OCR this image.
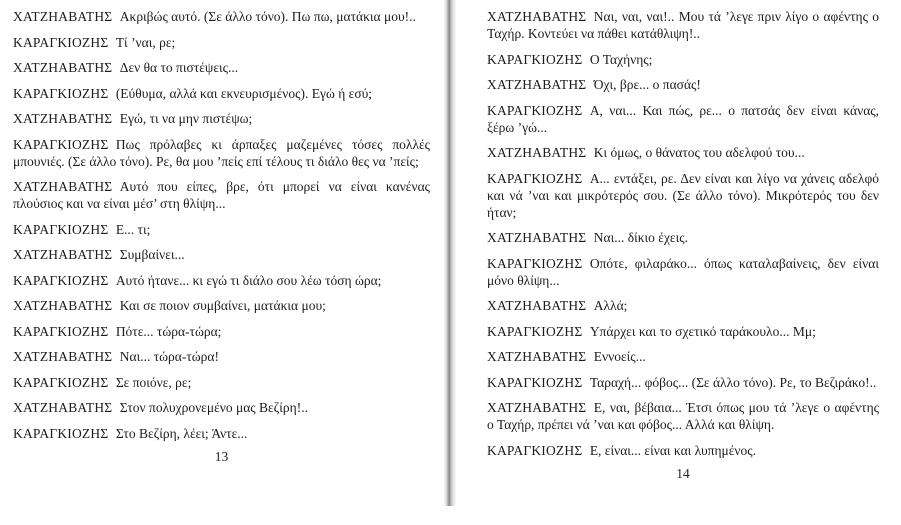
ΧΑΤΖΗΑΒΑΤΗΣ Ακριβώς αυτό. (Σε άλλο τόνο). Πω πω, ματάκια μου!..

ΚΑΡΑΓΚΙΟΖΗΣ Τί ’ναι, ρε;

ΧΑΤΖΗΑΒΑΤΗΣ Δεν θα το πιστέψεις...

ΚΑΡΑΓΚΙΟΖΗΣ (Εύθυμα, αλλά και εκνευρισμένος). Εγώ ή εσύ;

ΧΑΤΖΗΑΒΑΤΗΣ Εγώ, τι να μην πιστέψω;

ΚΑΡΑΓΚΙΟΖΗΣ Πως πρόλαβες κι άρπαξες μαζεμένες τόσες πολλές μπουνιές. (Σε άλλο τόνο). Ρε, θα μου ’πείς επί τέλους τι διάλο θες να ’πείς;

ΧΑΤΖΗΑΒΑΤΗΣ Αυτό που είπες, βρε, ότι μπορεί να είναι κανένας πλούσιος και να είναι μέσ’ στη θλίψη...

ΚΑΡΑΓΚΙΟΖΗΣ Ε... τι;

ΧΑΤΖΗΑΒΑΤΗΣ Συμβαίνει...

ΚΑΡΑΓΚΙΟΖΗΣ Αυτό ήτανε... κι εγώ τι διάλο σου λέω τόση ώρα;

ΧΑΤΖΗΑΒΑΤΗΣ Και σε ποιον συμβαίνει, ματάκια μου;

ΚΑΡΑΓΚΙΟΖΗΣ Πότε... τώρα-τώρα;

ΧΑΤΖΗΑΒΑΤΗΣ Ναι... τώρα-τώρα!

ΚΑΡΑΓΚΙΟΖΗΣ Σε ποιόνε, ρε;

ΧΑΤΖΗΑΒΑΤΗΣ Στον πολυχρονεμένο μας Βεζίρη!..

ΚΑΡΑΓΚΙΟΖΗΣ Στο Βεζίρη, λέει; Άντε...

13

ΧΑΤΖΗΑΒΑΤΗΣ Ναι, ναι, ναι!.. Μου τά ’λεγε πριν λίγο ο αφέντης ο Ταχήρ. Κοντεύει να πάθει κατάθλιψη!..

ΚΑΡΑΓΚΙΟΖΗΣ Ο Ταχήνης;

ΧΑΤΖΗΑΒΑΤΗΣ Όχι, βρε... ο πασάς!

ΚΑΡΑΓΚΙΟΖΗΣ Α, ναι... Και πώς, ρε... ο πατσάς δεν είναι κάνας, ξέρω ’γώ...

ΧΑΤΖΗΑΒΑΤΗΣ Κι όμως, ο θάνατος του αδελφού του...

ΚΑΡΑΓΚΙΟΖΗΣ Α... εντάξει, ρε. Δεν είναι και λίγο να χάνεις αδελφό και νά ’ναι και μικρότερός σου. (Σε άλλο τόνο). Μικρότερός του δεν ήταν;

ΧΑΤΖΗΑΒΑΤΗΣ Ναι... δίκιο έχεις.

ΚΑΡΑΓΚΙΟΖΗΣ Οπότε, φιλαράκο... όπως καταλαβαίνεις, δεν είναι μόνο θλίψη...

ΧΑΤΖΗΑΒΑΤΗΣ Αλλά;

ΚΑΡΑΓΚΙΟΖΗΣ Υπάρχει και το σχετικό ταράκουλο... Μμ;

ΧΑΤΖΗΑΒΑΤΗΣ Εννοείς...

ΚΑΡΑΓΚΙΟΖΗΣ Ταραχή... φόβος... (Σε άλλο τόνο). Ρε, το Βεζιράκο!..

ΧΑΤΖΗΑΒΑΤΗΣ Ε, ναι, βέβαια... Έτσι όπως μου τά ’λεγε ο αφέντης ο Ταχήρ, πρέπει νά ’ναι και φόβος... Αλλά και θλίψη.

ΚΑΡΑΓΚΙΟΖΗΣ Ε, είναι... είναι και λυπημένος.

14
